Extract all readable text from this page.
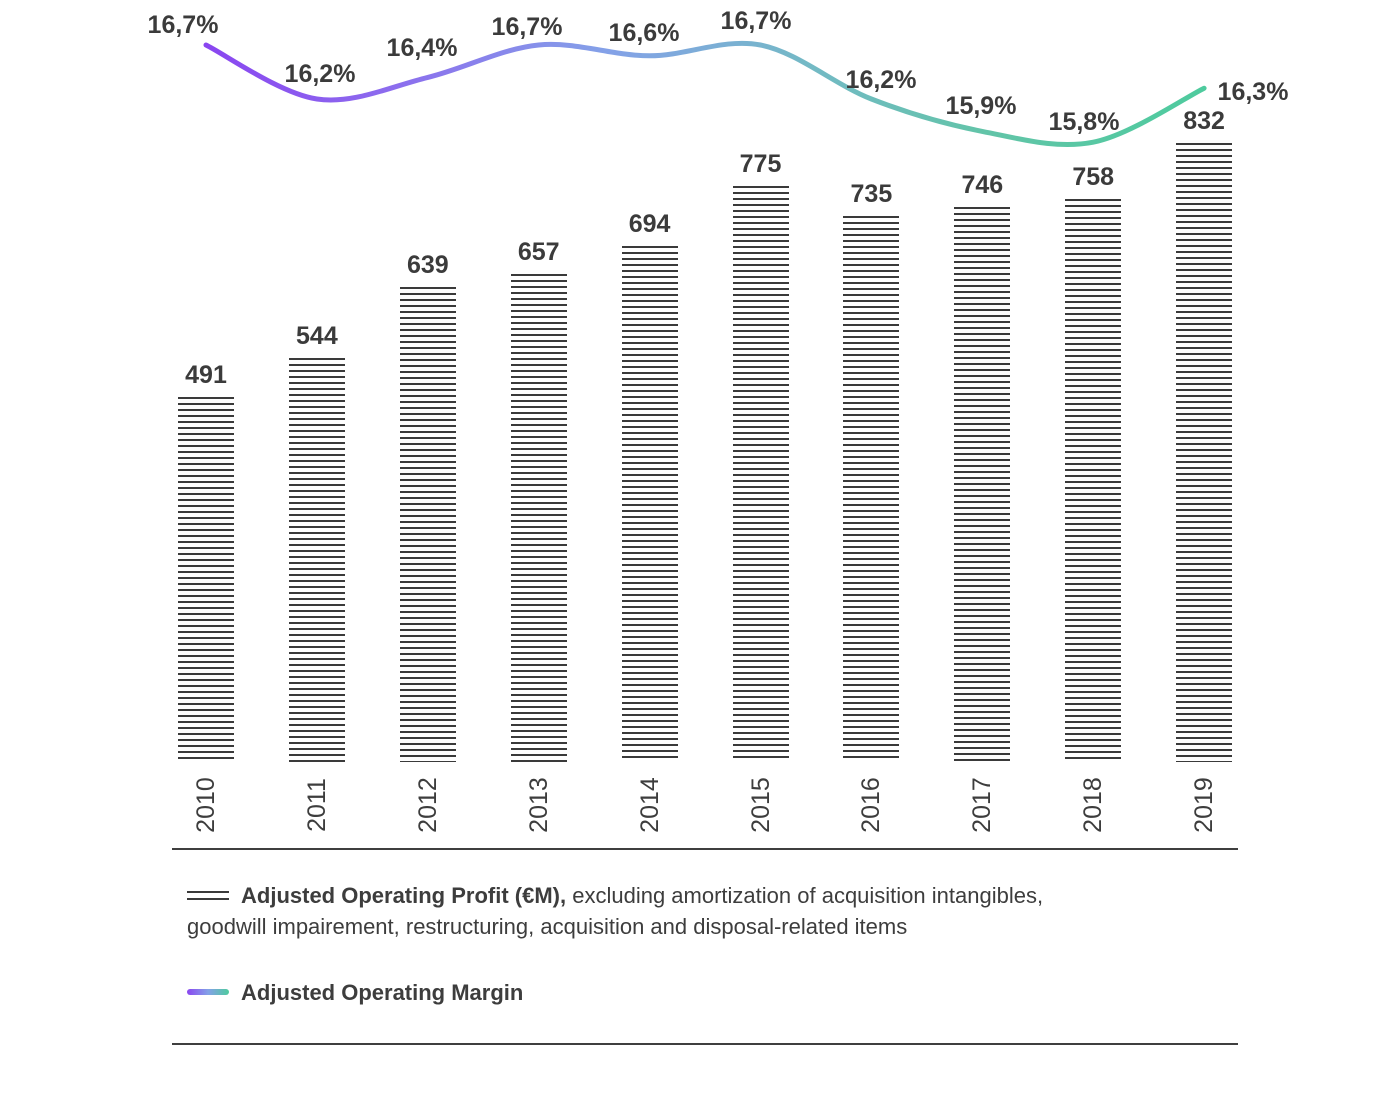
491
2010
16,7%
544
2011
16,2%
639
2012
16,4%
657
2013
16,7%
694
2014
16,6%
775
2015
16,7%
735
2016
16,2%
746
2017
15,9%
758
2018
15,8%	832
2019
16,3%
Adjusted Operating Profit (€M), excluding amortization of acquisition intangibles,
goodwill impairement, restructuring, acquisition and disposal-related items
Adjusted Operating Margin
